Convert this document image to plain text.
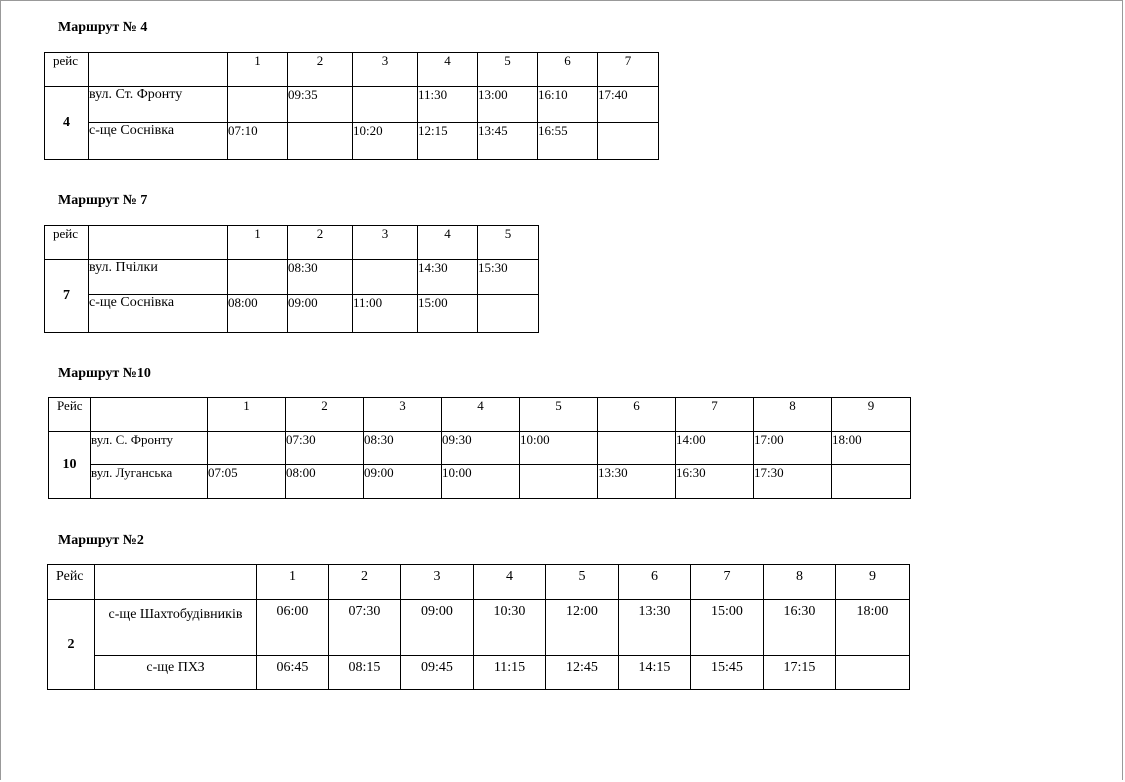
Маршрут № 4
рейс		1	2	3	4	5	6	7
4	вул. Ст. Фронту		09:35		11:30	13:00	16:10	17:40
	с-ще Соснівка	07:10		10:20	12:15	13:45	16:55	
Маршрут № 7
рейс		1	2	3	4	5
7	вул. Пчілки		08:30		14:30	15:30
	с-ще Соснівка	08:00	09:00	11:00	15:00	
Маршрут №10
Рейс		1	2	3	4	5	6	7	8	9
10	вул. С. Фронту		07:30	08:30	09:30	10:00		14:00	17:00	18:00
	вул. Луганська	07:05	08:00	09:00	10:00		13:30	16:30	17:30	
Маршрут №2
Рейс		1	2	3	4	5	6	7	8	9
2	с-ще Шахтобудівників	06:00	07:30	09:00	10:30	12:00	13:30	15:00	16:30	18:00
	с-ще ПХЗ	06:45	08:15	09:45	11:15	12:45	14:15	15:45	17:15	
